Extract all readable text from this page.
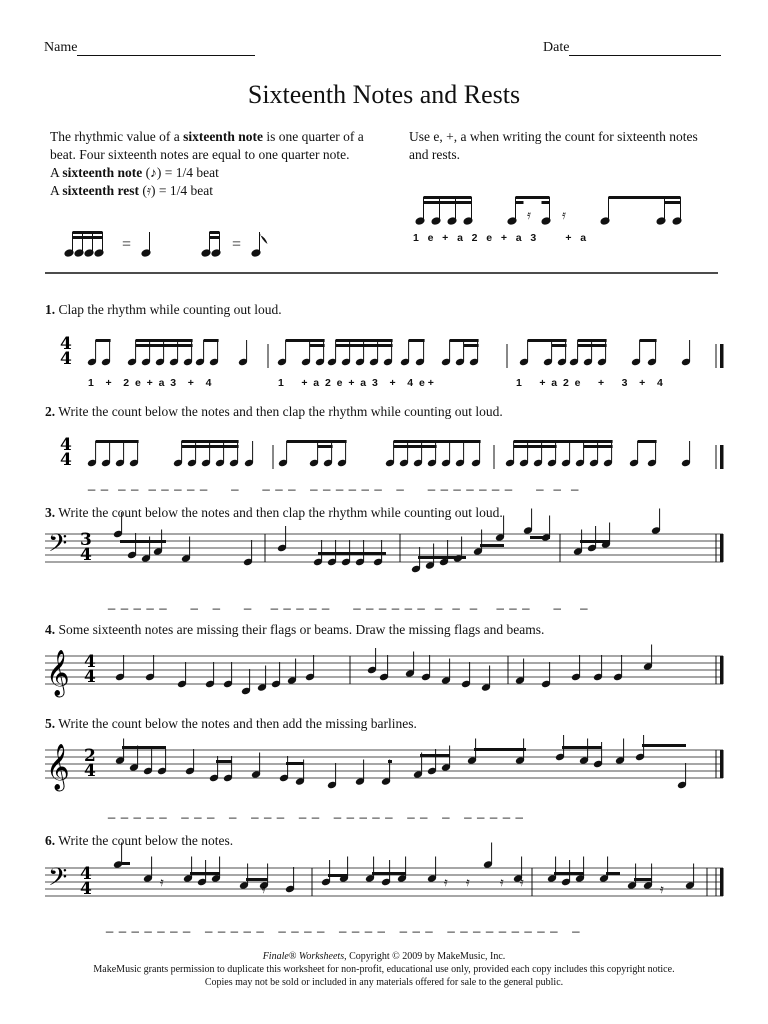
Name	Date
Sixteenth Notes and Rests
The rhythmic value of a sixteenth note is one quarter of a beat. Four sixteenth notes are equal to one quarter note.
A sixteenth note (♪) = 1/4 beat
A sixteenth rest (𝄿) = 1/4 beat
=	=
Use e, +, a when writing the count for sixteenth notes and rests.
𝄿 𝄿
1   e   +   a   2   e   +   a   3          +   a
1. Clap the rhythm while counting out loud.
2. Write the count below the notes and then clap the rhythm while counting out loud.
3. Write the count below the notes and then clap the rhythm while counting out loud.
4. Some sixteenth notes are missing their flags or beams. Draw the missing flags and beams.
5. Write the count below the notes and then add the missing barlines.
6. Write the count below the notes.
4
4
4
4
𝄢 3
4
𝄞 4
4
𝄞 2
4
𝄢 4
4	𝄿	𝄿	𝄿 𝄿	𝄿 𝄿	𝄿
1    +    2  e  +  a  3    +    4	1      +  a  2  e  +  a  3    +    4  e +	1      +  a  2  e      +      3    +    4
_ _  _ _  _ _ _ _ _     _     _ _ _   _ _ _ _ _ _   _     _ _ _ _ _ _ _     _  _  _
_ _ _ _ _     _   _     _    _ _ _ _ _     _ _ _ _ _ _  _  _  _    _ _ _     _    _
_ _ _ _ _   _ _ _   _   _ _ _   _ _   _ _ _ _ _   _ _   _   _ _ _ _ _
_ _ _ _ _ _ _   _ _ _ _ _   _ _ _ _   _ _ _ _   _ _ _   _ _ _ _ _ _ _ _ _   _
Finale® Worksheets, Copyright © 2009 by MakeMusic, Inc.
MakeMusic grants permission to duplicate this worksheet for non-profit, educational use only, provided each copy includes this copyright notice.
Copies may not be sold or included in any materials offered for sale to the general public.
